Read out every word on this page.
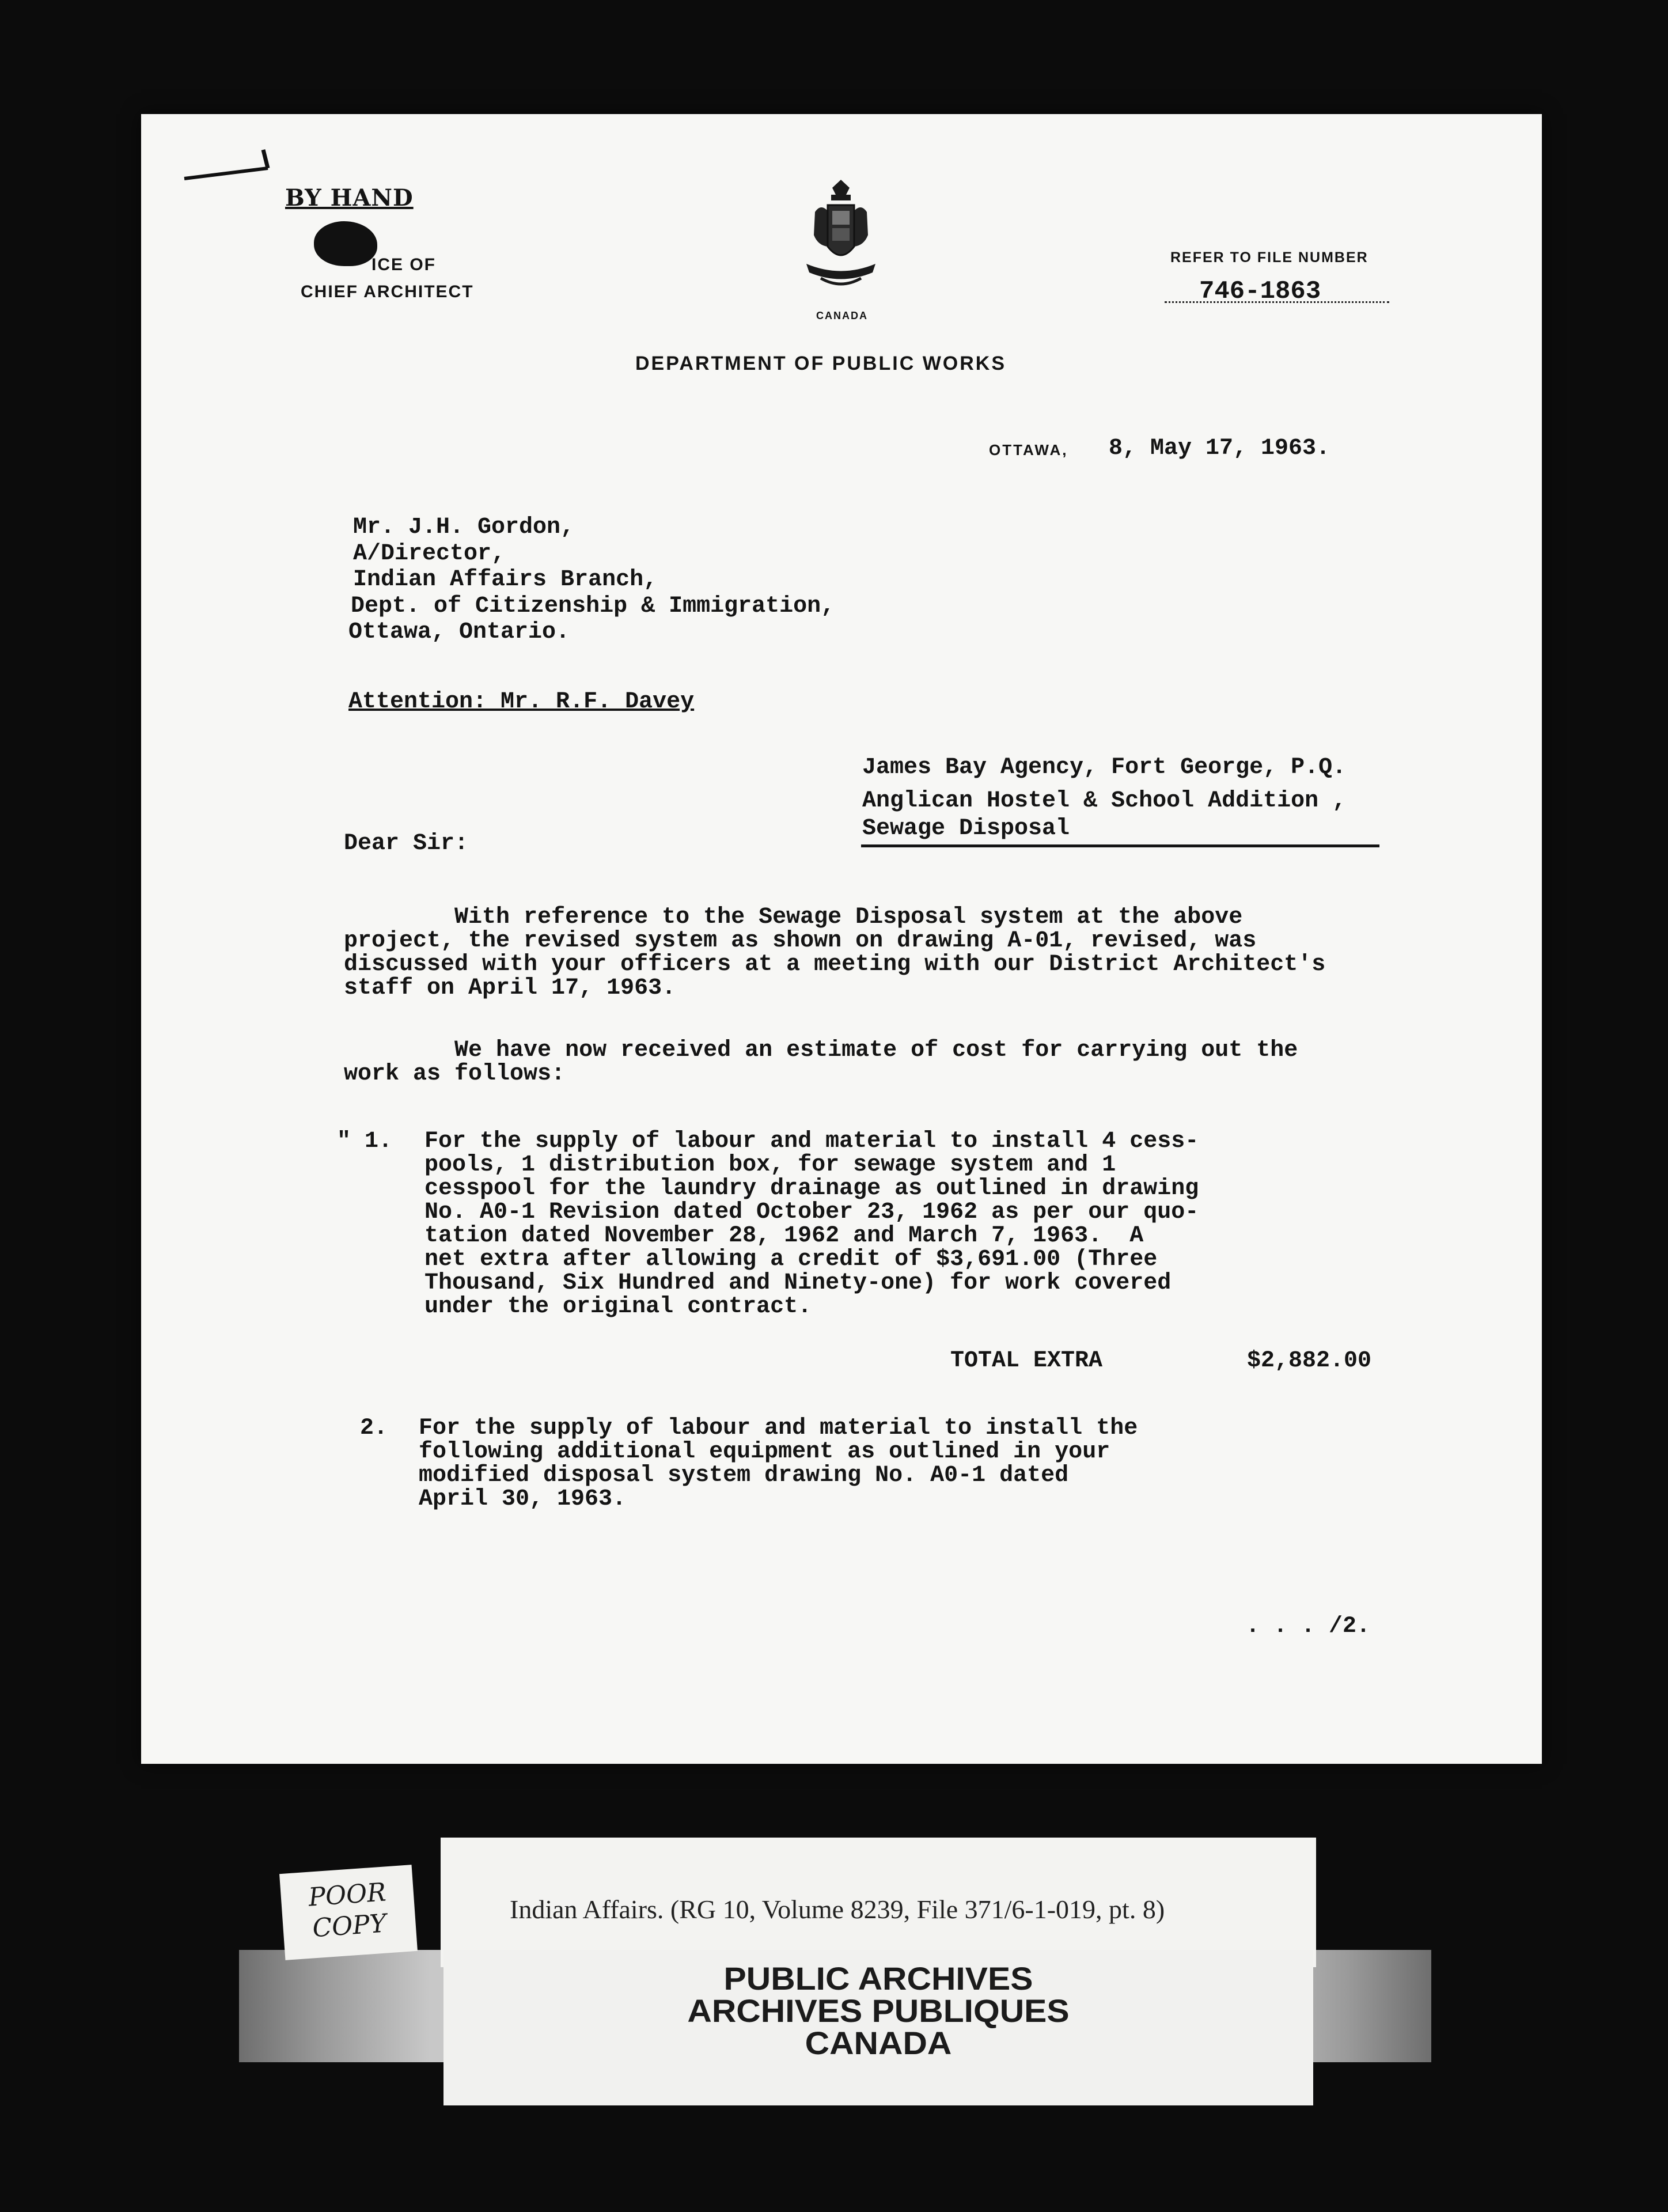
BY HAND

ICE OF

CHIEF ARCHITECT

CANADA

REFER TO FILE NUMBER

746-1863

DEPARTMENT OF PUBLIC WORKS

OTTAWA, 8, May 17, 1963.

Mr. J.H. Gordon,

A/Director,

Indian Affairs Branch,

Dept. of Citizenship & Immigration,

Ottawa, Ontario.

Attention: Mr. R.F. Davey

James Bay Agency, Fort George, P.Q.

Anglican Hostel & School Addition ,

Sewage Disposal

Dear Sir:

With reference to the Sewage Disposal system at the above

project, the revised system as shown on drawing A-01, revised, was

discussed with your officers at a meeting with our District Architect's

staff on April 17, 1963.

We have now received an estimate of cost for carrying out the

work as follows:

" 1. For the supply of labour and material to install 4 cess-

pools, 1 distribution box, for sewage system and 1

cesspool for the laundry drainage as outlined in drawing

No. A0-1 Revision dated October 23, 1962 as per our quo-

tation dated November 28, 1962 and March 7, 1963.  A

net extra after allowing a credit of $3,691.00 (Three

Thousand, Six Hundred and Ninety-one) for work covered

under the original contract.

TOTAL EXTRA	$2,882.00

2. For the supply of labour and material to install the

following additional equipment as outlined in your

modified disposal system drawing No. A0-1 dated

April 30, 1963.

. . . /2.

Indian Affairs. (RG 10, Volume 8239, File 371/6-1-019, pt. 8)
PUBLIC ARCHIVES
ARCHIVES PUBLIQUES
CANADA
POOR
COPY
